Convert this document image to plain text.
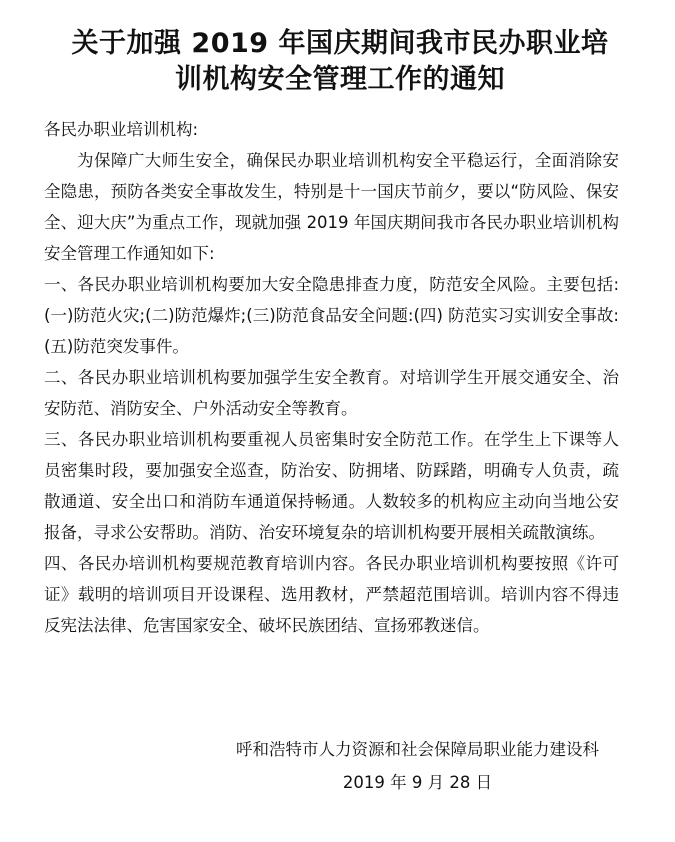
关于加强 2019 年国庆期间我市民办职业培
训机构安全管理工作的通知

各民办职业培训机构:

为保障广大师生安全，确保民办职业培训机构安全平稳运行，全面消除安全隐患，预防各类安全事故发生，特别是十一国庆节前夕，要以“防风险、保安全、迎大庆”为重点工作，现就加强 2019 年国庆期间我市各民办职业培训机构安全管理工作通知如下:

一、各民办职业培训机构要加大安全隐患排查力度，防范安全风险。主要包括:(一)防范火灾;(二)防范爆炸;(三)防范食品安全问题:(四) 防范实习实训安全事故:(五)防范突发事件。

二、各民办职业培训机构要加强学生安全教育。对培训学生开展交通安全、治安防范、消防安全、户外活动安全等教育。

三、各民办职业培训机构要重视人员密集时安全防范工作。在学生上下课等人员密集时段，要加强安全巡查，防治安、防拥堵、防踩踏，明确专人负责，疏散通道、安全出口和消防车通道保持畅通。人数较多的机构应主动向当地公安报备，寻求公安帮助。消防、治安环境复杂的培训机构要开展相关疏散演练。

四、各民办培训机构要规范教育培训内容。各民办职业培训机构要按照《许可证》载明的培训项目开设课程、选用教材，严禁超范围培训。培训内容不得违反宪法法律、危害国家安全、破坏民族团结、宣扬邪教迷信。

呼和浩特市人力资源和社会保障局职业能力建设科
2019 年 9 月 28 日
